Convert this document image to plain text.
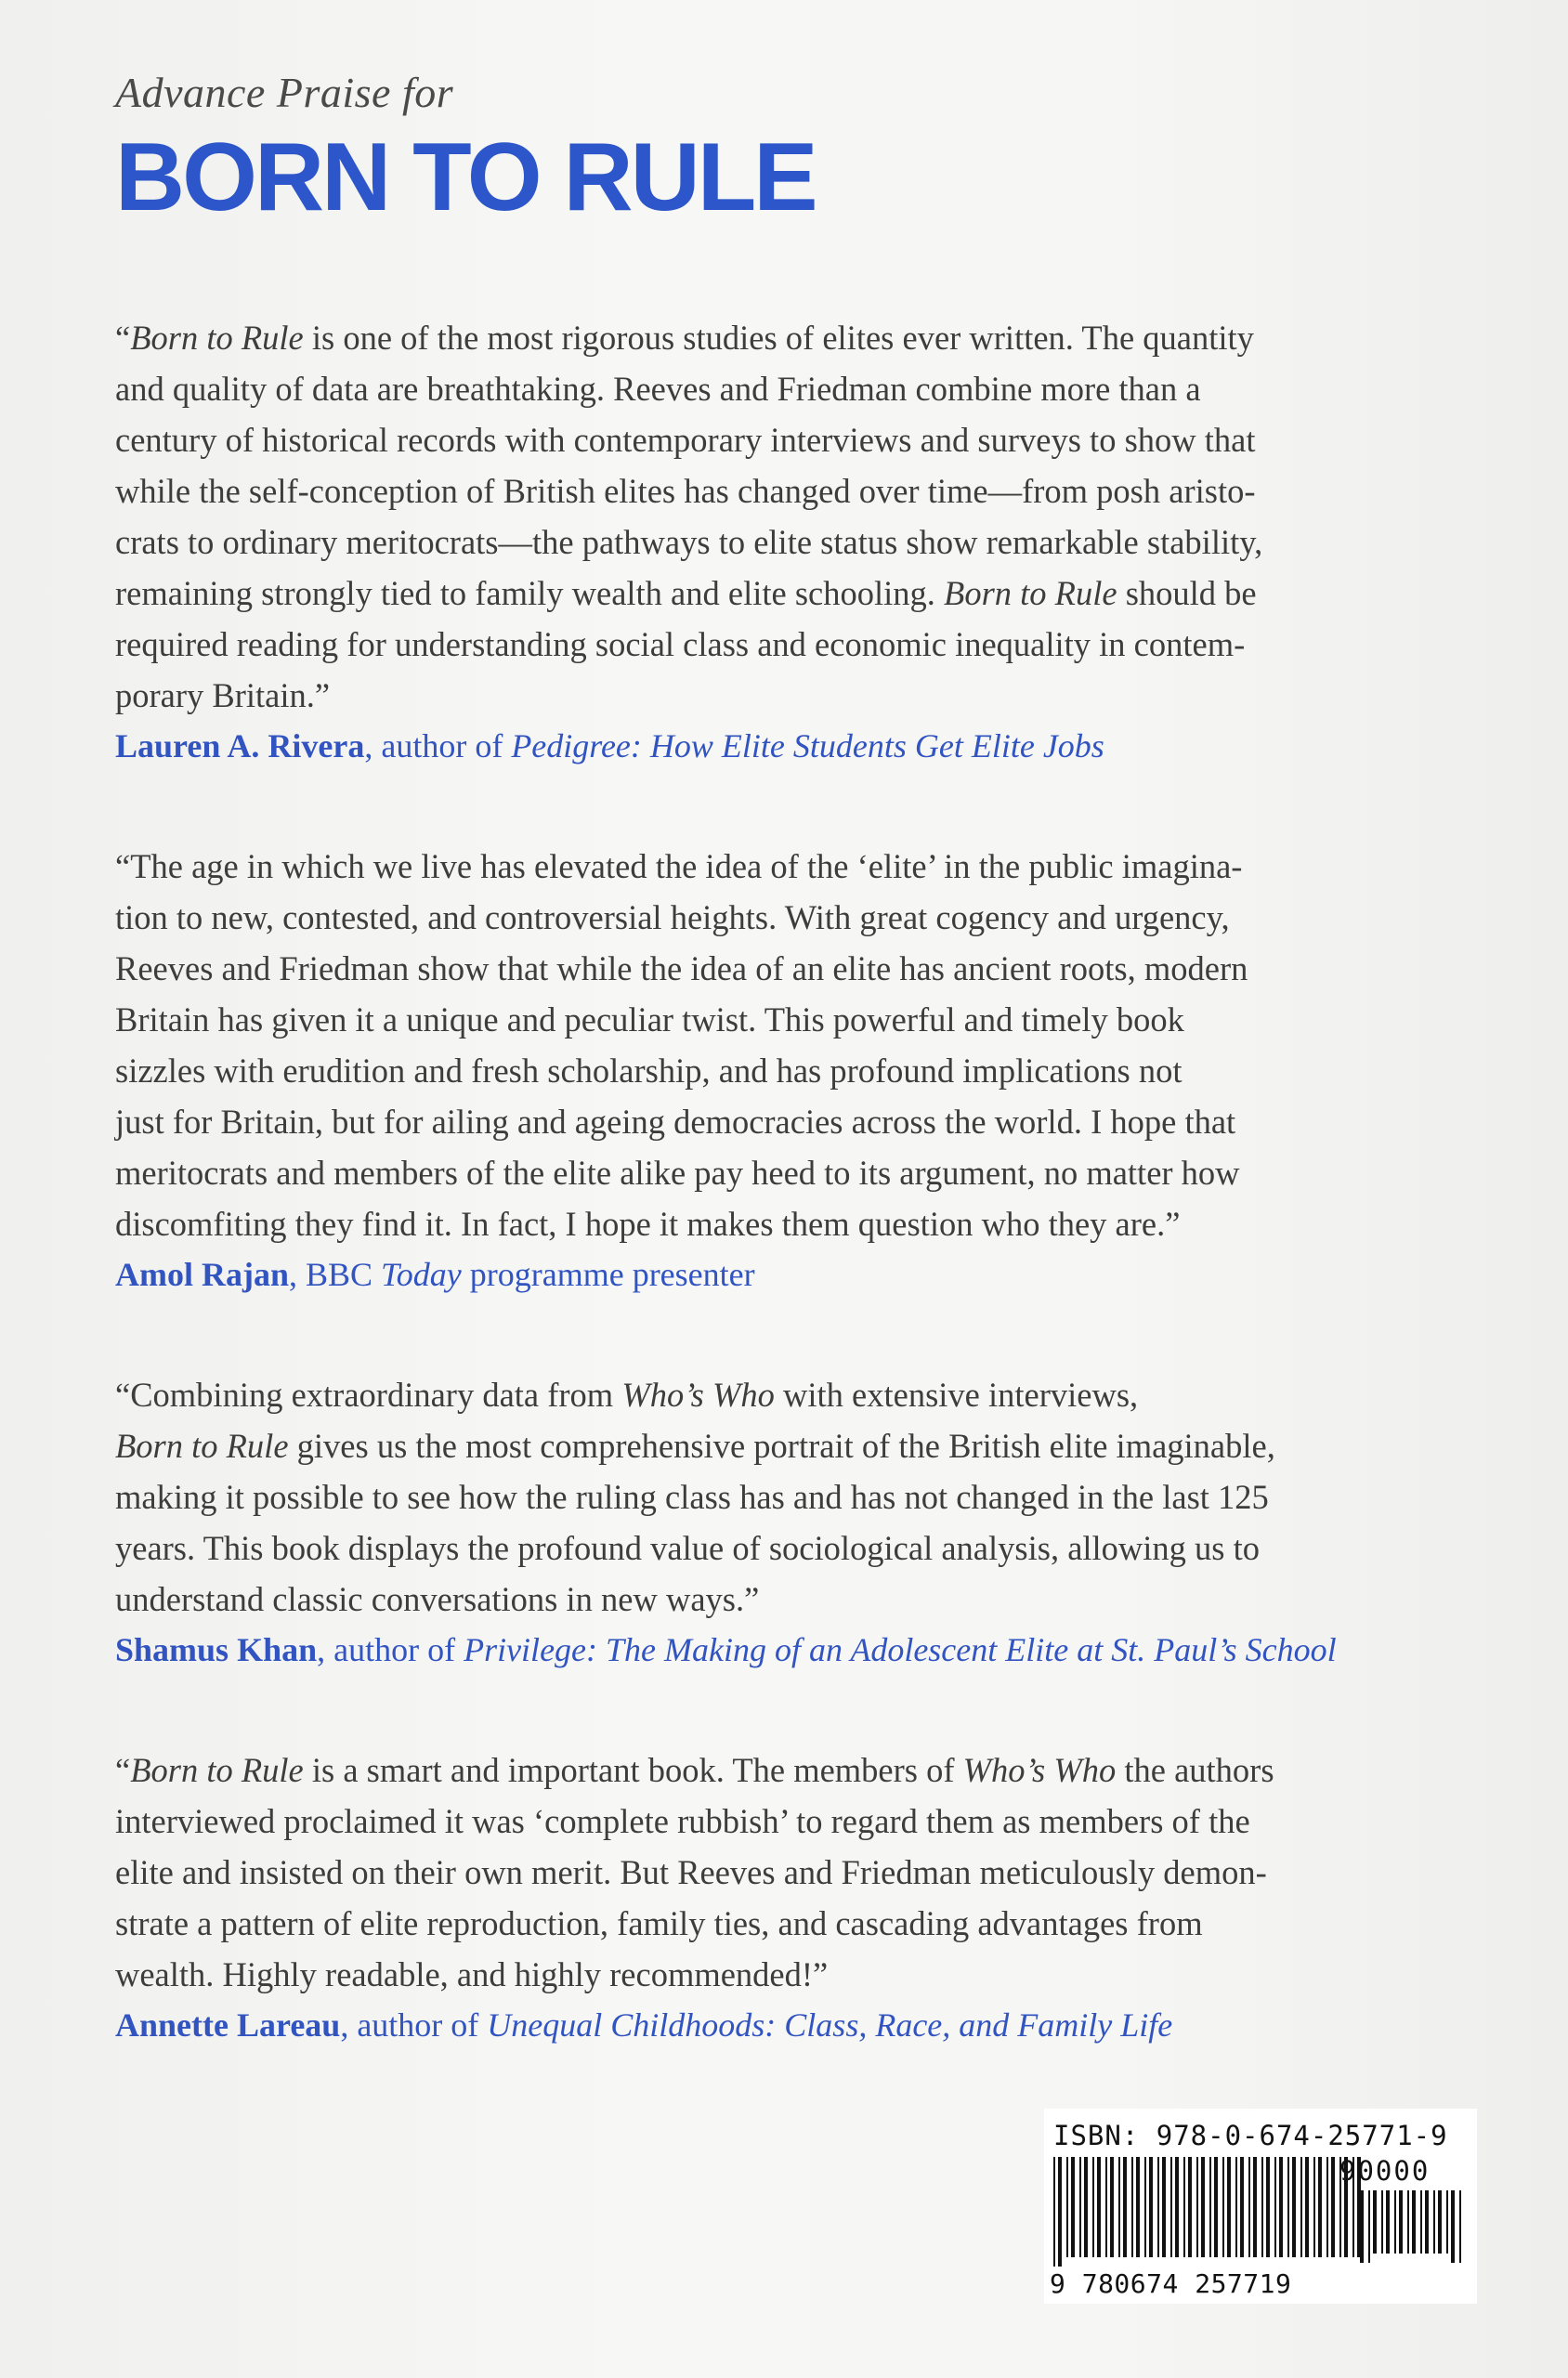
Advance Praise for
BORN TO RULE
“Born to Rule is one of the most rigorous studies of elites ever written. The quantity
and quality of data are breathtaking. Reeves and Friedman combine more than a
century of historical records with contemporary interviews and surveys to show that
while the self-conception of British elites has changed over time—from posh aristo-
crats to ordinary meritocrats—the pathways to elite status show remarkable stability,
remaining strongly tied to family wealth and elite schooling. Born to Rule should be
required reading for understanding social class and economic inequality in contem-
porary Britain.”
Lauren A. Rivera, author of Pedigree: How Elite Students Get Elite Jobs
“The age in which we live has elevated the idea of the ‘elite’ in the public imagina-
tion to new, contested, and controversial heights. With great cogency and urgency,
Reeves and Friedman show that while the idea of an elite has ancient roots, modern
Britain has given it a unique and peculiar twist. This powerful and timely book
sizzles with erudition and fresh scholarship, and has profound implications not
just for Britain, but for ailing and ageing democracies across the world. I hope that
meritocrats and members of the elite alike pay heed to its argument, no matter how
discomfiting they find it. In fact, I hope it makes them question who they are.”
Amol Rajan, BBC Today programme presenter
“Combining extraordinary data from Who’s Who with extensive interviews,
Born to Rule gives us the most comprehensive portrait of the British elite imaginable,
making it possible to see how the ruling class has and has not changed in the last 125
years. This book displays the profound value of sociological analysis, allowing us to
understand classic conversations in new ways.”
Shamus Khan, author of Privilege: The Making of an Adolescent Elite at St. Paul’s School
“Born to Rule is a smart and important book. The members of Who’s Who the authors
interviewed proclaimed it was ‘complete rubbish’ to regard them as members of the
elite and insisted on their own merit. But Reeves and Friedman meticulously demon-
strate a pattern of elite reproduction, family ties, and cascading advantages from
wealth. Highly readable, and highly recommended!”
Annette Lareau, author of Unequal Childhoods: Class, Race, and Family Life
ISBN: 978-0-674-25771-9
90000
9 780674 257719
